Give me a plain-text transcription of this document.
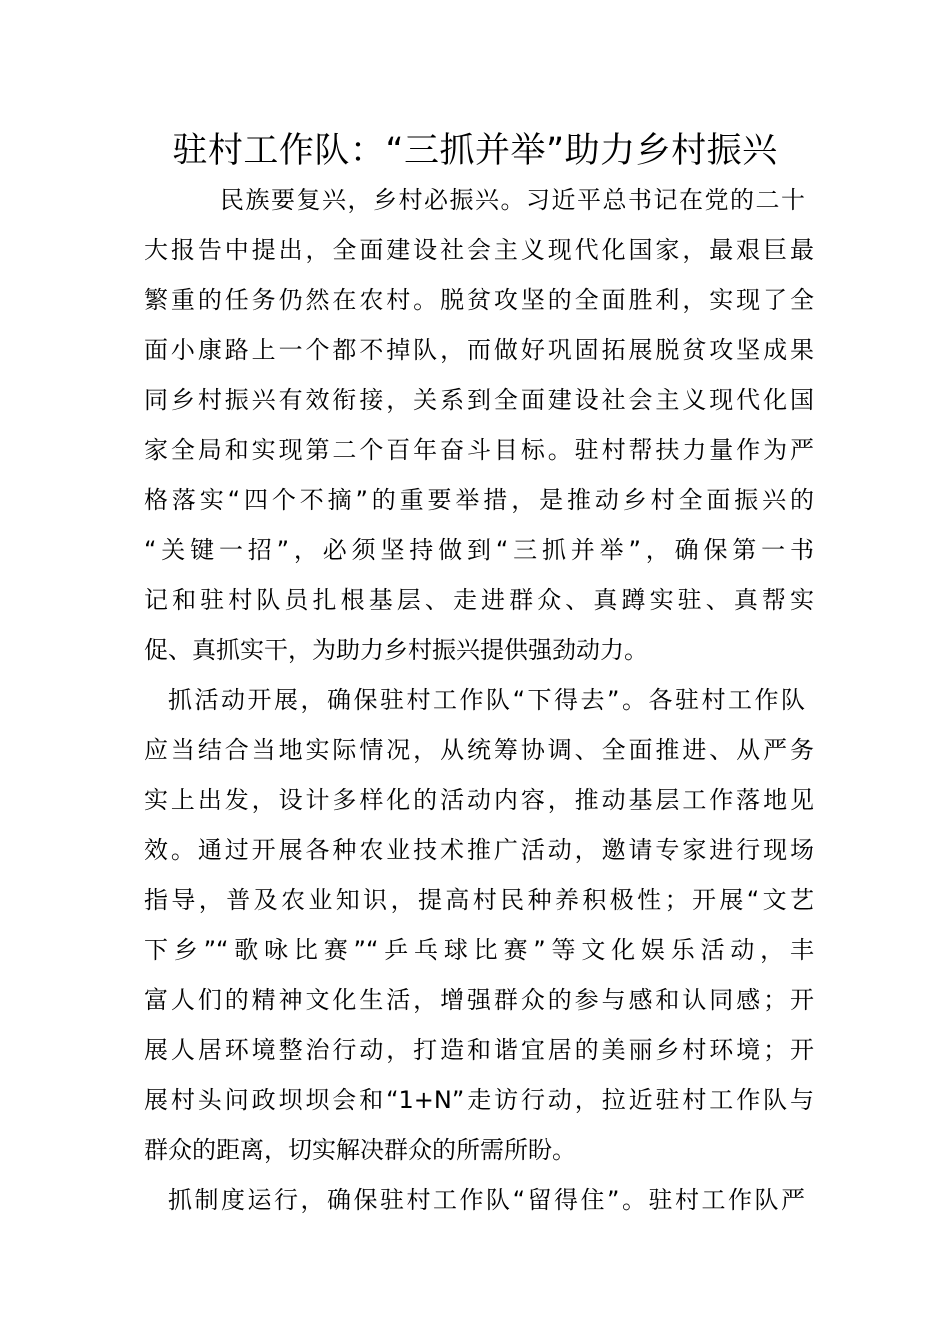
驻村工作队：“三抓并举”助力乡村振兴
民族要复兴，乡村必振兴。习近平总书记在党的二十
大报告中提出，全面建设社会主义现代化国家，最艰巨最
繁重的任务仍然在农村。脱贫攻坚的全面胜利，实现了全
面小康路上一个都不掉队，而做好巩固拓展脱贫攻坚成果
同乡村振兴有效衔接，关系到全面建设社会主义现代化国
家全局和实现第二个百年奋斗目标。驻村帮扶力量作为严
格落实“四个不摘”的重要举措，是推动乡村全面振兴的
“关键一招”，必须坚持做到“三抓并举”，确保第一书
记和驻村队员扎根基层、走进群众、真蹲实驻、真帮实
促、真抓实干，为助力乡村振兴提供强劲动力。
抓活动开展，确保驻村工作队“下得去”。各驻村工作队
应当结合当地实际情况，从统筹协调、全面推进、从严务
实上出发，设计多样化的活动内容，推动基层工作落地见
效。通过开展各种农业技术推广活动，邀请专家进行现场
指导，普及农业知识，提高村民种养积极性；开展“文艺
下乡”“歌咏比赛”“乒乓球比赛”等文化娱乐活动，丰
富人们的精神文化生活，增强群众的参与感和认同感；开
展人居环境整治行动，打造和谐宜居的美丽乡村环境；开
展村头问政坝坝会和“1+N”走访行动，拉近驻村工作队与
群众的距离，切实解决群众的所需所盼。
抓制度运行，确保驻村工作队“留得住”。驻村工作队严
